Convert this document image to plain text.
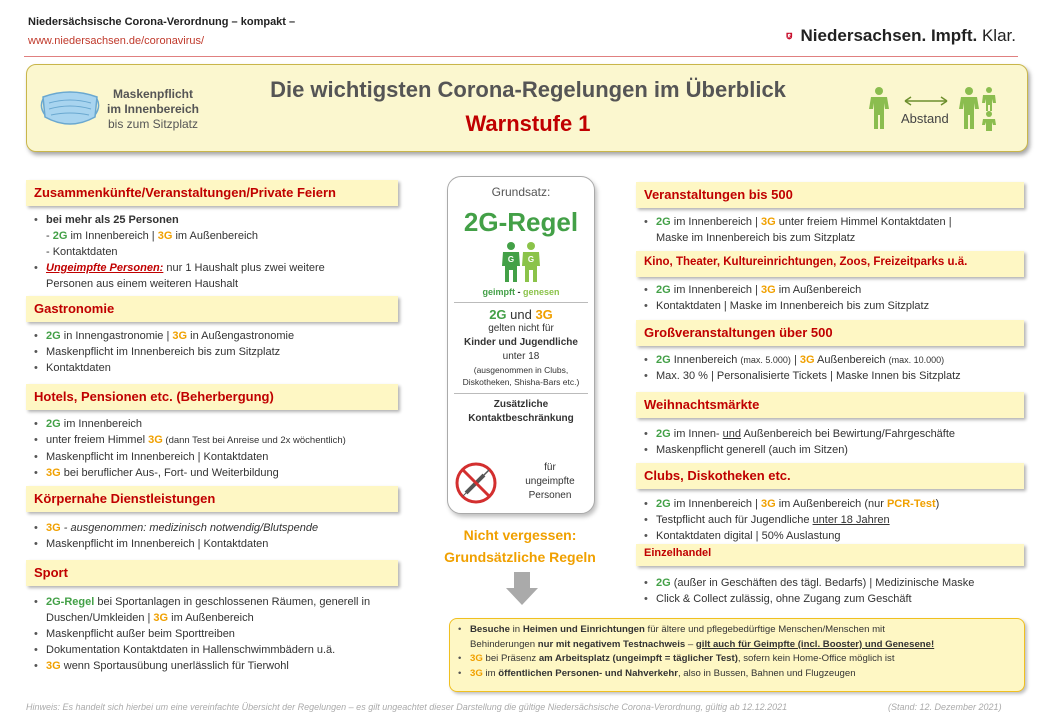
Niedersächsische Corona-Verordnung – kompakt –
www.niedersachsen.de/coronavirus/	Niedersachsen. Impft. Klar.
Maskenpflicht
im Innenbereich
bis zum Sitzplatz
Die wichtigsten Corona-Regelungen im Überblick
Warnstufe 1	Abstand
Zusammenkünfte/Veranstaltungen/Private Feiern
• bei mehr als 25 Personen
- 2G im Innenbereich | 3G im Außenbereich
- Kontaktdaten
• Ungeimpfte Personen: nur 1 Haushalt plus zwei weitere
Personen aus einem weiteren Haushalt
Gastronomie
• 2G in Innengastronomie | 3G in Außengastronomie
• Maskenpflicht im Innenbereich bis zum Sitzplatz
• Kontaktdaten
Hotels, Pensionen etc. (Beherbergung)
• 2G im Innenbereich
• unter freiem Himmel 3G (dann Test bei Anreise und 2x wöchentlich)
• Maskenpflicht im Innenbereich | Kontaktdaten
• 3G bei beruflicher Aus-, Fort- und Weiterbildung
Körpernahe Dienstleistungen
• 3G - ausgenommen: medizinisch notwendig/Blutspende
• Maskenpflicht im Innenbereich | Kontaktdaten
Sport
• 2G-Regel bei Sportanlagen in geschlossenen Räumen, generell in
Duschen/Umkleiden | 3G im Außenbereich
• Maskenpflicht außer beim Sporttreiben
• Dokumentation Kontaktdaten in Hallenschwimmbädern u.ä.
• 3G wenn Sportausübung unerlässlich für Tierwohl
Grundsatz:
2G-Regel
G G
geimpft - genesen
2G und 3G
gelten nicht für
Kinder und Jugendliche
unter 18
(ausgenommen in Clubs,
Diskotheken, Shisha-Bars etc.)
Zusätzliche
Kontaktbeschränkung
für
ungeimpfte
Personen
Nicht vergessen:
Grundsätzliche Regeln
Veranstaltungen bis 500
• 2G im Innenbereich | 3G unter freiem Himmel Kontaktdaten |
Maske im Innenbereich bis zum Sitzplatz
Kino, Theater, Kultureinrichtungen, Zoos, Freizeitparks u.ä.
• 2G im Innenbereich | 3G im Außenbereich
• Kontaktdaten | Maske im Innenbereich bis zum Sitzplatz
Großveranstaltungen über 500
• 2G Innenbereich (max. 5.000) | 3G Außenbereich (max. 10.000)
• Max. 30 % | Personalisierte Tickets | Maske Innen bis Sitzplatz
Weihnachtsmärkte
• 2G im Innen- und Außenbereich bei Bewirtung/Fahrgeschäfte
• Maskenpflicht generell (auch im Sitzen)
Clubs, Diskotheken etc.
• 2G im Innenbereich | 3G im Außenbereich (nur PCR-Test)
• Testpflicht auch für Jugendliche unter 18 Jahren
• Kontaktdaten digital | 50% Auslastung
Einzelhandel
• 2G (außer in Geschäften des tägl. Bedarfs) | Medizinische Maske
• Click & Collect zulässig, ohne Zugang zum Geschäft
• Besuche in Heimen und Einrichtungen für ältere und pflegebedürftige Menschen/Menschen mit
Behinderungen nur mit negativem Testnachweis – gilt auch für Geimpfte (incl. Booster) und Genesene!
• 3G bei Präsenz am Arbeitsplatz (ungeimpft = täglicher Test), sofern kein Home-Office möglich ist
• 3G im öffentlichen Personen- und Nahverkehr, also in Bussen, Bahnen und Flugzeugen
Hinweis: Es handelt sich hierbei um eine vereinfachte Übersicht der Regelungen – es gilt ungeachtet dieser Darstellung die gültige Niedersächsische Corona-Verordnung, gültig ab 12.12.2021	(Stand: 12. Dezember 2021)
